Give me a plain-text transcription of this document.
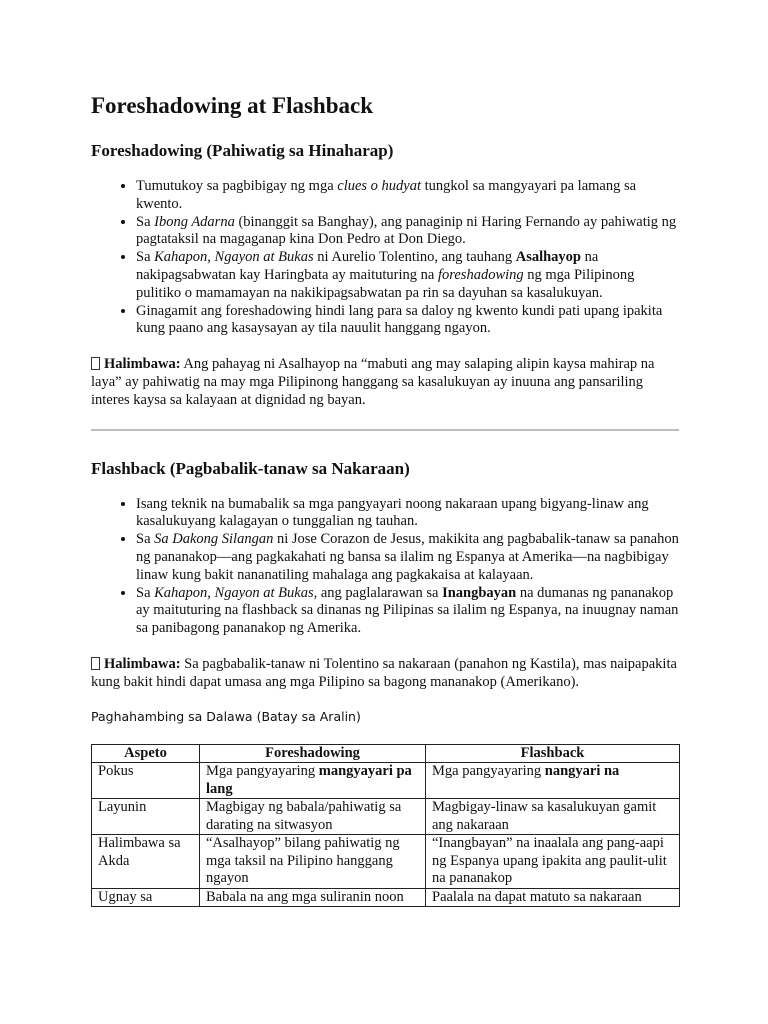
Foreshadowing at Flashback
Foreshadowing (Pahiwatig sa Hinaharap)
• Tumutukoy sa pagbibigay ng mga clues o hudyat tungkol sa mangyayari pa lamang sa kwento.
• Sa Ibong Adarna (binanggit sa Banghay), ang panaginip ni Haring Fernando ay pahiwatig ng pagtataksil na magaganap kina Don Pedro at Don Diego.
• Sa Kahapon, Ngayon at Bukas ni Aurelio Tolentino, ang tauhang Asalhayop na nakipagsabwatan kay Haringbata ay maituturing na foreshadowing ng mga Pilipinong pulitiko o mamamayan na nakikipagsabwatan pa rin sa dayuhan sa kasalukuyan.
• Ginagamit ang foreshadowing hindi lang para sa daloy ng kwento kundi pati upang ipakita kung paano ang kasaysayan ay tila nauulit hanggang ngayon.

Halimbawa: Ang pahayag ni Asalhayop na “mabuti ang may salaping alipin kaysa mahirap na laya” ay pahiwatig na may mga Pilipinong hanggang sa kasalukuyan ay inuuna ang pansariling interes kaysa sa kalayaan at dignidad ng bayan.

Flashback (Pagbabalik-tanaw sa Nakaraan)
• Isang teknik na bumabalik sa mga pangyayari noong nakaraan upang bigyang-linaw ang kasalukuyang kalagayan o tunggalian ng tauhan.
• Sa Sa Dakong Silangan ni Jose Corazon de Jesus, makikita ang pagbabalik-tanaw sa panahon ng pananakop—ang pagkakahati ng bansa sa ilalim ng Espanya at Amerika—na nagbibigay linaw kung bakit nananatiling mahalaga ang pagkakaisa at kalayaan.
• Sa Kahapon, Ngayon at Bukas, ang paglalarawan sa Inangbayan na dumanas ng pananakop ay maituturing na flashback sa dinanas ng Pilipinas sa ilalim ng Espanya, na inuugnay naman sa panibagong pananakop ng Amerika.

Halimbawa: Sa pagbabalik-tanaw ni Tolentino sa nakaraan (panahon ng Kastila), mas naipapakita kung bakit hindi dapat umasa ang mga Pilipino sa bagong mananakop (Amerikano).

Paghahambing sa Dalawa (Batay sa Aralin)
Aspeto	Foreshadowing	Flashback
Pokus	Mga pangyayaring mangyayari pa lang	Mga pangyayaring nangyari na
Layunin	Magbigay ng babala/pahiwatig sa darating na sitwasyon	Magbigay-linaw sa kasalukuyan gamit ang nakaraan
Halimbawa sa Akda	“Asalhayop” bilang pahiwatig ng mga taksil na Pilipino hanggang ngayon	“Inangbayan” na inaalala ang pang-aapi ng Espanya upang ipakita ang paulit-ulit na pananakop
Ugnay sa	Babala na ang mga suliranin noon	Paalala na dapat matuto sa nakaraan
